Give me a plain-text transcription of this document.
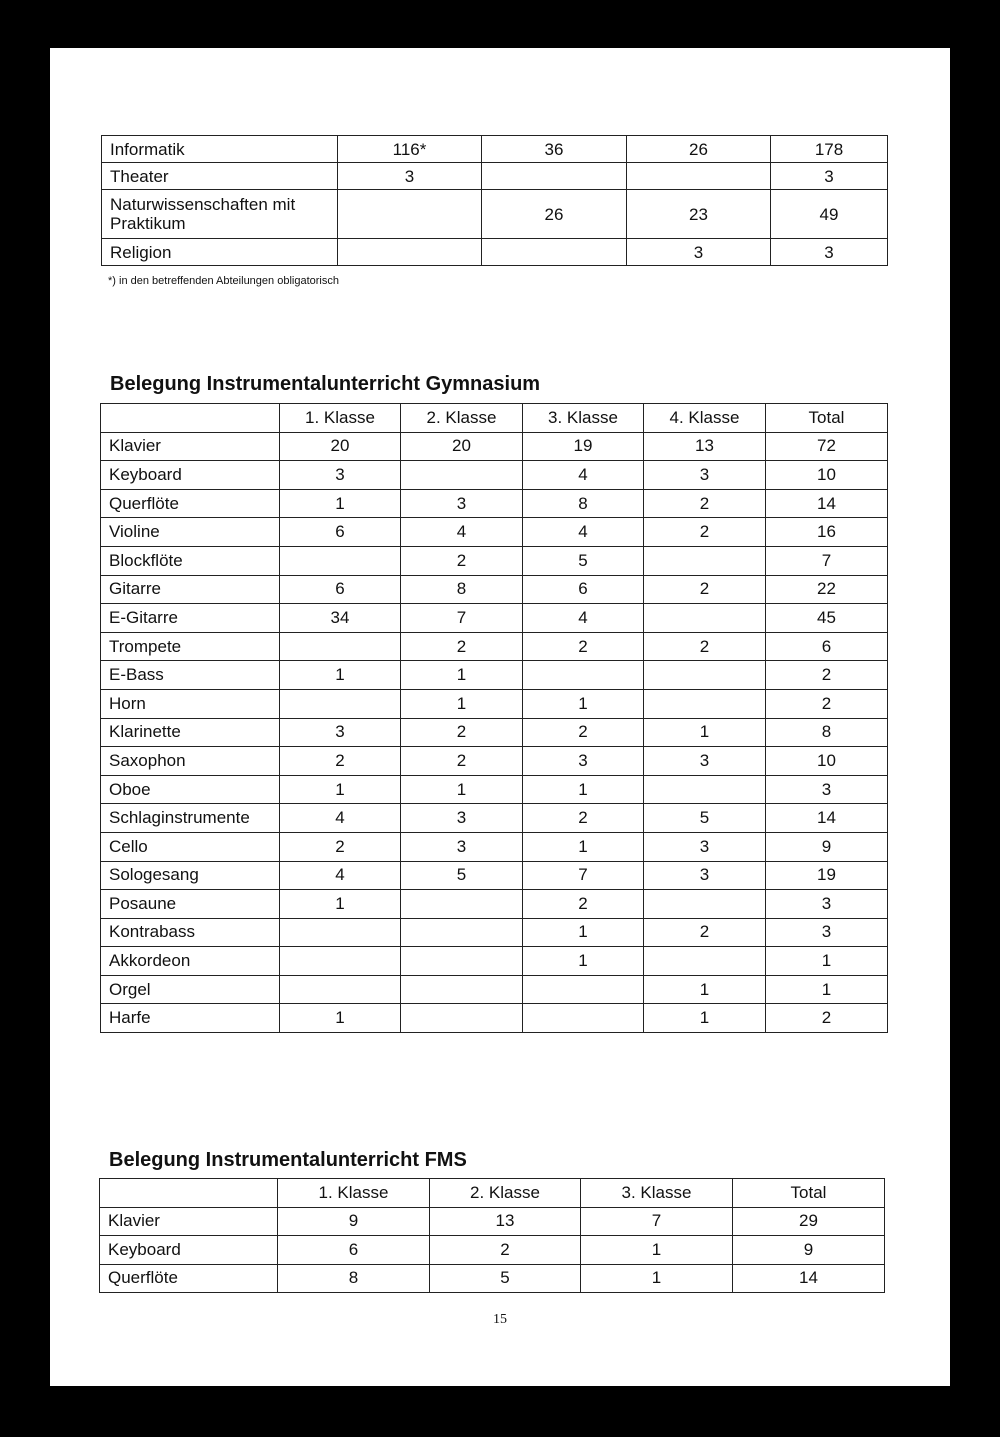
Informatik	116*	36	26	178
Theater	3			3
Naturwissenschaften mit Praktikum		26	23	49
Religion			3	3
*) in den betreffenden Abteilungen obligatorisch
Belegung Instrumentalunterricht Gymnasium
	1. Klasse	2. Klasse	3. Klasse	4. Klasse	Total
Klavier	20	20	19	13	72
Keyboard	3		4	3	10
Querflöte	1	3	8	2	14
Violine	6	4	4	2	16
Blockflöte		2	5		7
Gitarre	6	8	6	2	22
E-Gitarre	34	7	4		45
Trompete		2	2	2	6
E-Bass	1	1			2
Horn		1	1		2
Klarinette	3	2	2	1	8
Saxophon	2	2	3	3	10
Oboe	1	1	1		3
Schlaginstrumente	4	3	2	5	14
Cello	2	3	1	3	9
Sologesang	4	5	7	3	19
Posaune	1		2		3
Kontrabass			1	2	3
Akkordeon			1		1
Orgel				1	1
Harfe	1			1	2
Belegung Instrumentalunterricht FMS
	1. Klasse	2. Klasse	3. Klasse	Total
Klavier	9	13	7	29
Keyboard	6	2	1	9
Querflöte	8	5	1	14
15
